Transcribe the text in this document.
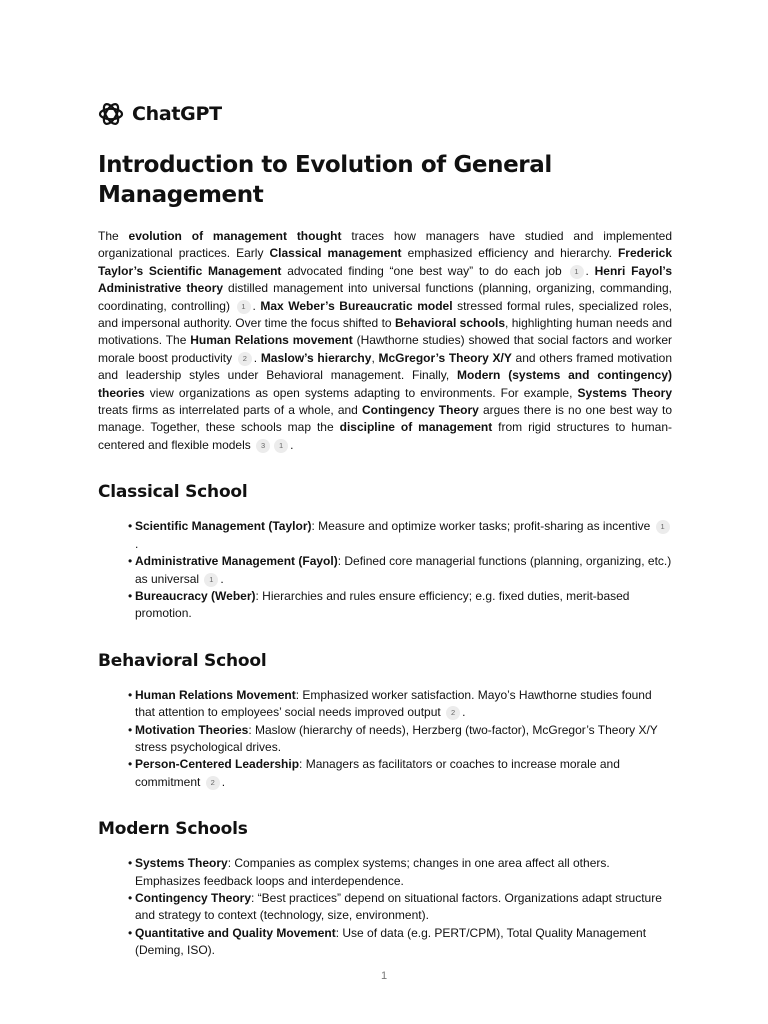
ChatGPT
Introduction to Evolution of General Management

The evolution of management thought traces how managers have studied and implemented organizational practices. Early Classical management emphasized efficiency and hierarchy. Frederick Taylor’s Scientific Management advocated finding “one best way” to do each job 1 . Henri Fayol’s Administrative theory distilled management into universal functions (planning, organizing, commanding, coordinating, controlling) 1 . Max Weber’s Bureaucratic model stressed formal rules, specialized roles, and impersonal authority. Over time the focus shifted to Behavioral schools, highlighting human needs and motivations. The Human Relations movement (Hawthorne studies) showed that social factors and worker morale boost productivity 2 . Maslow’s hierarchy, McGregor’s Theory X/Y and others framed motivation and leadership styles under Behavioral management. Finally, Modern (systems and contingency) theories view organizations as open systems adapting to environments. For example, Systems Theory treats firms as interrelated parts of a whole, and Contingency Theory argues there is no one best way to manage. Together, these schools map the discipline of management from rigid structures to human-centered and flexible models 3 1 .

Classical School
• Scientific Management (Taylor): Measure and optimize worker tasks; profit-sharing as incentive 1.
• Administrative Management (Fayol): Defined core managerial functions (planning, organizing, etc.) as universal 1 .
• Bureaucracy (Weber): Hierarchies and rules ensure efficiency; e.g. fixed duties, merit-based promotion.
Behavioral School
• Human Relations Movement: Emphasized worker satisfaction. Mayo’s Hawthorne studies found that attention to employees’ social needs improved output 2 .
• Motivation Theories: Maslow (hierarchy of needs), Herzberg (two-factor), McGregor’s Theory X/Y stress psychological drives.
• Person-Centered Leadership: Managers as facilitators or coaches to increase morale and commitment 2 .
Modern Schools
• Systems Theory: Companies as complex systems; changes in one area affect all others. Emphasizes feedback loops and interdependence.
• Contingency Theory: “Best practices” depend on situational factors. Organizations adapt structure and strategy to context (technology, size, environment).
• Quantitative and Quality Movement: Use of data (e.g. PERT/CPM), Total Quality Management (Deming, ISO).
1
